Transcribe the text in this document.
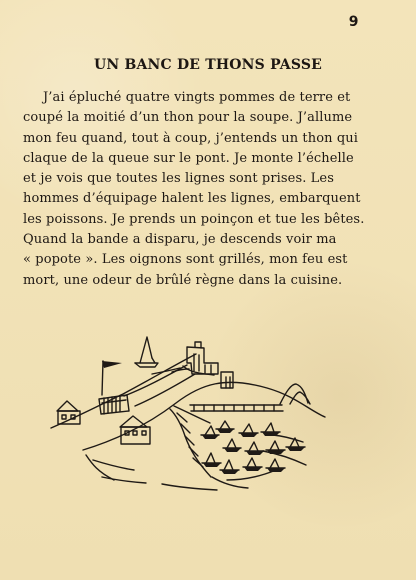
9
UN BANC DE THONS PASSE
J’ai épluché quatre vingts pommes de terre et
coupé la moitié d’un thon pour la soupe. J’allume
mon feu quand, tout à coup, j’entends un thon qui
claque de la queue sur le pont. Je monte l’échelle
et je vois que toutes les lignes sont prises. Les
hommes d’équipage halent les lignes, embarquent
les poissons. Je prends un poinçon et tue les bêtes.
Quand la bande a disparu, je descends voir ma
« popote ». Les oignons sont grillés, mon feu est
mort, une odeur de brûlé règne dans la cuisine.
